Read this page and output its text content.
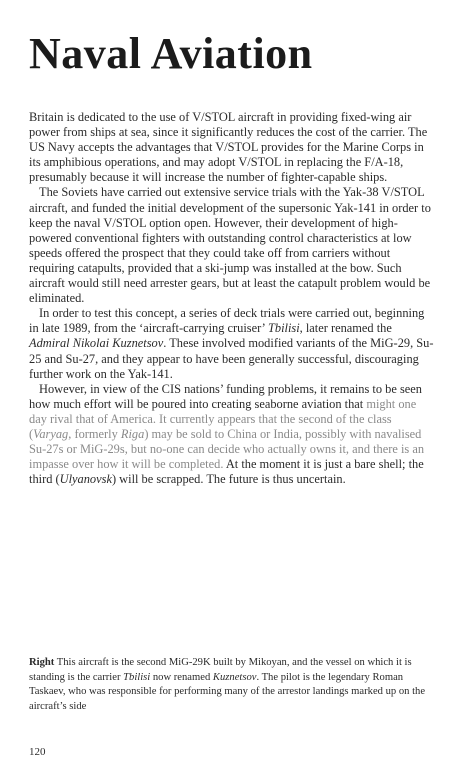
Naval Aviation

Britain is dedicated to the use of V/STOL aircraft in providing fixed-wing air power from ships at sea, since it significantly reduces the cost of the carrier. The US Navy accepts the advantages that V/STOL provides for the Marine Corps in its amphibious operations, and may adopt V/STOL in replacing the F/A-18, presumably because it will increase the number of fighter-capable ships.

The Soviets have carried out extensive service trials with the Yak-38 V/STOL aircraft, and funded the initial development of the supersonic Yak-141 in order to keep the naval V/STOL option open. However, their development of high-powered conventional fighters with outstanding control characteristics at low speeds offered the prospect that they could take off from carriers without requiring catapults, provided that a ski-jump was installed at the bow. Such aircraft would still need arrester gears, but at least the catapult problem would be eliminated.

In order to test this concept, a series of deck trials were carried out, beginning in late 1989, from the ‘aircraft-carrying cruiser’ Tbilisi, later renamed the Admiral Nikolai Kuznetsov. These involved modified variants of the MiG-29, Su-25 and Su-27, and they appear to have been generally successful, discouraging further work on the Yak-141.

However, in view of the CIS nations’ funding problems, it remains to be seen how much effort will be poured into creating seaborne aviation that might one day rival that of America. It currently appears that the second of the class (Varyag, formerly Riga) may be sold to China or India, possibly with navalised Su-27s or MiG-29s, but no-one can decide who actually owns it, and there is an impasse over how it will be completed. At the moment it is just a bare shell; the third (Ulyanovsk) will be scrapped. The future is thus uncertain.

Right This aircraft is the second MiG-29K built by Mikoyan, and the vessel on which it is standing is the carrier Tbilisi now renamed Kuznetsov. The pilot is the legendary Roman Taskaev, who was responsible for performing many of the arrestor landings marked up on the aircraft’s side
120
